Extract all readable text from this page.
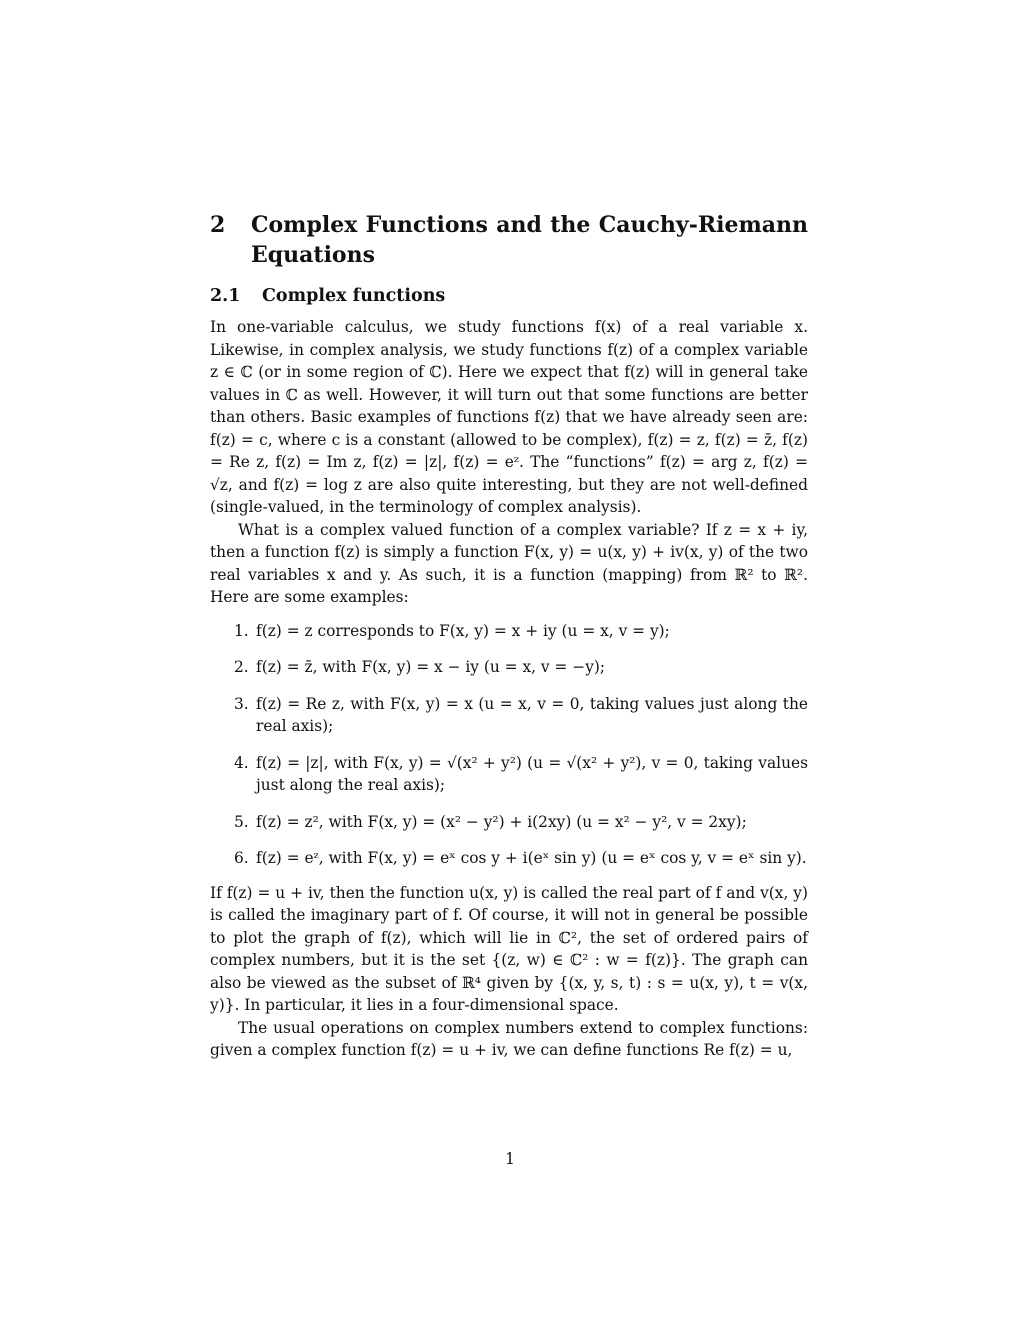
2	Complex Functions and the Cauchy-Riemann Equations
2.1	Complex functions

In one-variable calculus, we study functions f(x) of a real variable x. Likewise, in complex analysis, we study functions f(z) of a complex variable z ∈ ℂ (or in some region of ℂ). Here we expect that f(z) will in general take values in ℂ as well. However, it will turn out that some functions are better than others. Basic examples of functions f(z) that we have already seen are: f(z) = c, where c is a constant (allowed to be complex), f(z) = z, f(z) = z̄, f(z) = Re z, f(z) = Im z, f(z) = |z|, f(z) = eᶻ. The “functions” f(z) = arg z, f(z) = √z, and f(z) = log z are also quite interesting, but they are not well-defined (single-valued, in the terminology of complex analysis).

What is a complex valued function of a complex variable? If z = x + iy, then a function f(z) is simply a function F(x, y) = u(x, y) + iv(x, y) of the two real variables x and y. As such, it is a function (mapping) from ℝ² to ℝ². Here are some examples:

1. f(z) = z corresponds to F(x, y) = x + iy (u = x, v = y);
2. f(z) = z̄, with F(x, y) = x − iy (u = x, v = −y);
3. f(z) = Re z, with F(x, y) = x (u = x, v = 0, taking values just along the real axis);
4. f(z) = |z|, with F(x, y) = √(x² + y²) (u = √(x² + y²), v = 0, taking values just along the real axis);
5. f(z) = z², with F(x, y) = (x² − y²) + i(2xy) (u = x² − y², v = 2xy);
6. f(z) = eᶻ, with F(x, y) = eˣ cos y + i(eˣ sin y) (u = eˣ cos y, v = eˣ sin y).

If f(z) = u + iv, then the function u(x, y) is called the real part of f and v(x, y) is called the imaginary part of f. Of course, it will not in general be possible to plot the graph of f(z), which will lie in ℂ², the set of ordered pairs of complex numbers, but it is the set {(z, w) ∈ ℂ² : w = f(z)}. The graph can also be viewed as the subset of ℝ⁴ given by {(x, y, s, t) : s = u(x, y), t = v(x, y)}. In particular, it lies in a four-dimensional space.

The usual operations on complex numbers extend to complex functions: given a complex function f(z) = u + iv, we can define functions Re f(z) = u,

1
